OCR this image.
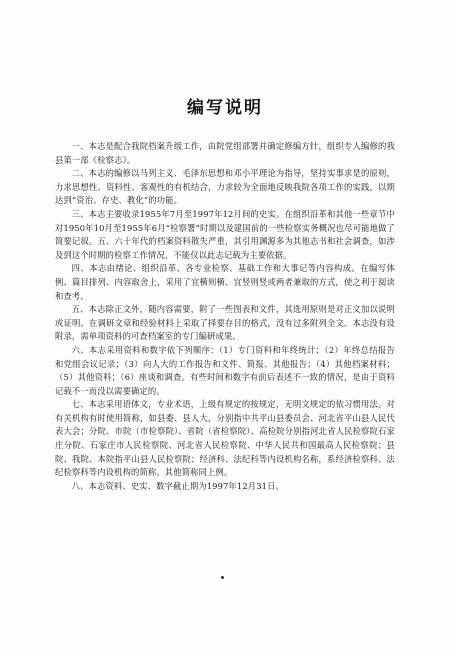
编写说明

一、本志是配合我院档案升级工作，由院党组部署并确定修编方针，组织专人编修的我县第一部《检察志》。

二、本志的编修以马列主义、毛泽东思想和邓小平理论为指导，坚持实事求是的原则，力求思想性、资料性、客观性的有机结合，力求较为全面地反映我院各项工作的实践，以期达到“资治、存史、教化”的功能。

三、本志主要收录1955年7月至1997年12月间的史实。在组织沿革和其他一些章节中对1950年10月至1955年6月“检察署”时期以及建国前的一些检察实务概况也尽可能地做了简要记叙。五、六十年代的档案资料散失严重，其引用渊源多为其他志书和社会调查，如涉及到这个时期的检察工作情况，不能仅以此志记载为主要依据。

四、本志由绪论、组织沿革、各专业检察、基础工作和大事记等内容构成。在编写体例、篇目排列、内容取舍上，采用了宜横则横、宜竖则竖或两者兼取的方式，使之利于阅读和查考。

五、本志除正文外，随内容需要，附了一些图表和文件，其选用原则是对正文加以说明或证明。在调研文章和经验材料上采取了择要存目的格式，没有过多附列全文。本志没有设附录，需单项资料的可查档案室的专门编研成果。

六、本志采用资料和数字依下列顺序：（1）专门资料和年终统计；（2）年终总结报告和党组会议记录；（3）向人大的工作报告和文件、简报、其他报告；（4）其他档案材料；（5）其他资料；（6）座谈和调查。有些时间和数字有前后表述不一致的情况，是由于资料记载不一而没以需要确定的。

七、本志采用语体文，专业术语，上级有规定的按规定，无明文规定的依习惯用法。对有关机构有时使用简称，如县委、县人大，分别指中共平山县委员会、河北省平山县人民代表大会；分院、市院（市检察院）、省院（省检察院）、高检院分别指河北省人民检察院石家庄分院、石家庄市人民检察院、河北省人民检察院、中华人民共和国最高人民检察院；县院、我院、本院指平山县人民检察院；经济科、法纪科等内设机构名称，系经济检察科、法纪检察科等内设机构的简称。其他简称同上例。

八、本志资料、史实、数字截止期为1997年12月31日。
